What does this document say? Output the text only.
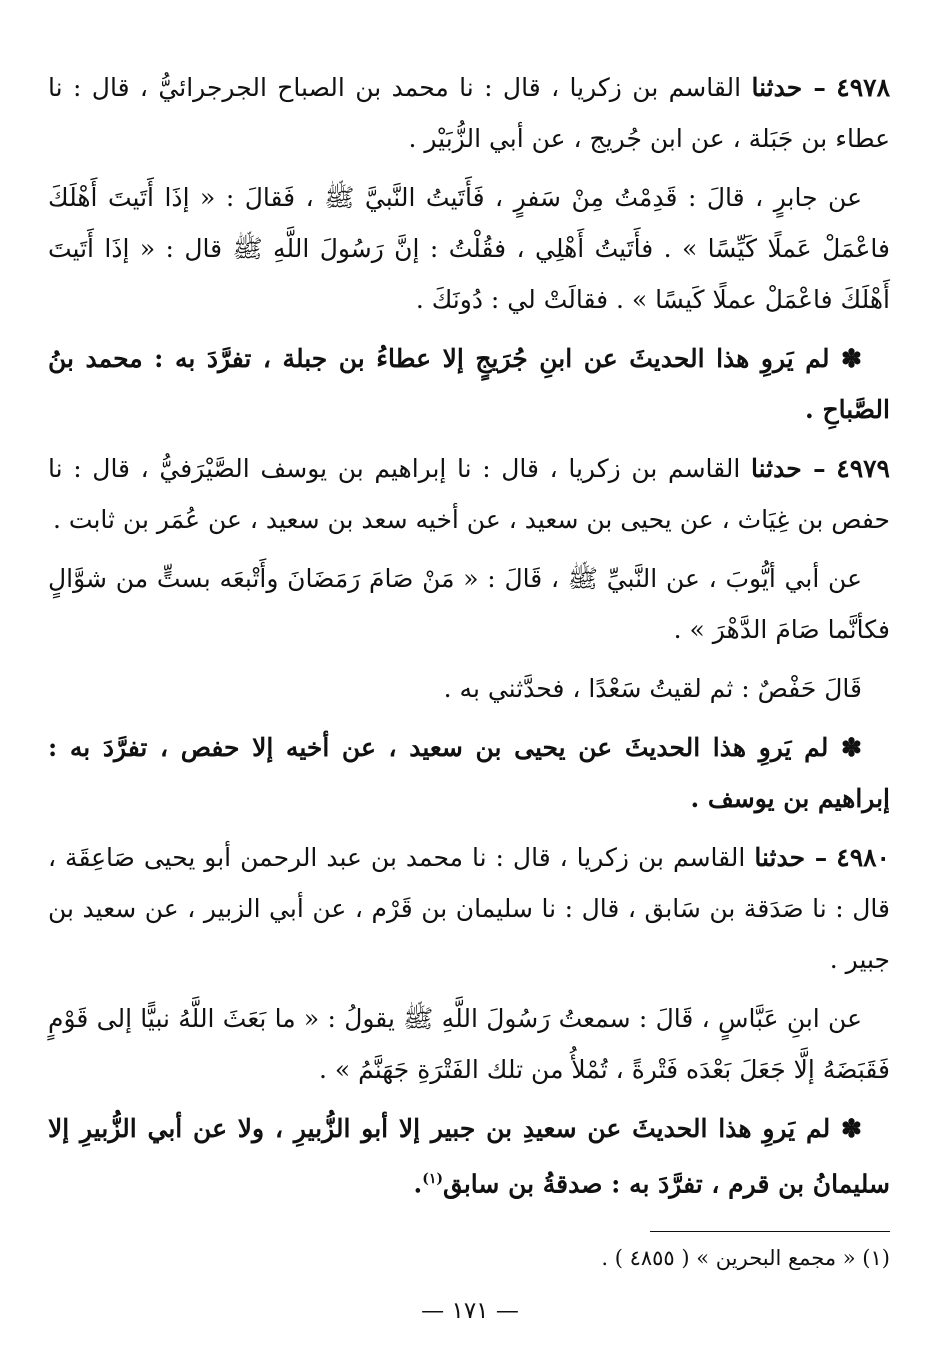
٤٩٧٨ – حدثنا القاسم بن زكريا ، قال : نا محمد بن الصباح الجرجرائيُّ ، قال : نا عطاء بن جَبَلة ، عن ابن جُريج ، عن أبي الزُّبَيْر .

عن جابرٍ ، قالَ : قَدِمْتُ مِنْ سَفرٍ ، فَأَتَيتُ النَّبيَّ ﷺ ، فَقالَ : « إذَا أَتَيتَ أَهْلَكَ فاعْمَلْ عَملًا كَيِّسًا » . فأَتَيتُ أَهْلِي ، فقُلْتُ : إنَّ رَسُولَ اللَّهِ ﷺ قال : « إذَا أَتَيتَ أَهْلَكَ فاعْمَلْ عملًا كَيسًا » . فقالَتْ لي : دُونَكَ .

✽ لم يَروِ هذا الحديثَ عن ابنِ جُرَيجٍ إلا عطاءُ بن جبلة ، تفرَّدَ به : محمد بنُ الصَّباحِ .

٤٩٧٩ – حدثنا القاسم بن زكريا ، قال : نا إبراهيم بن يوسف الصَّيْرَفيُّ ، قال : نا حفص بن غِيَاث ، عن يحيى بن سعيد ، عن أخيه سعد بن سعيد ، عن عُمَر بن ثابت .

عن أبي أيُّوبَ ، عن النَّبيِّ ﷺ ، قَالَ : « مَنْ صَامَ رَمَضَانَ وأَتْبعَه بستٍّ من شوَّالٍ فكأنَّما صَامَ الدَّهْرَ » .

قَالَ حَفْصٌ : ثم لقيتُ سَعْدًا ، فحدَّثني به .

✽ لم يَروِ هذا الحديثَ عن يحيى بن سعيد ، عن أخيه إلا حفص ، تفرَّدَ به : إبراهيم بن يوسف .

٤٩٨٠ – حدثنا القاسم بن زكريا ، قال : نا محمد بن عبد الرحمن أبو يحيى صَاعِقَة ، قال : نا صَدَقة بن سَابق ، قال : نا سليمان بن قَرْم ، عن أبي الزبير ، عن سعيد بن جبير .

عن ابنِ عَبَّاسٍ ، قَالَ : سمعتُ رَسُولَ اللَّهِ ﷺ يقولُ : « ما بَعَثَ اللَّهُ نبيًّا إلى قَوْمٍ فَقَبَضَهُ إلَّا جَعَلَ بَعْدَه فَتْرةً ، تُمْلأُ من تلك الفَتْرَةِ جَهَنَّمُ » .

✽ لم يَروِ هذا الحديثَ عن سعيدِ بن جبير إلا أبو الزُّبيرِ ، ولا عن أبي الزُّبيرِ إلا سليمانُ بن قرم ، تفرَّدَ به : صدقةُ بن سابق$^{(١)}$.

(١) « مجمع البحرين » ( ٤٨٥٥ ) .
— ١٧١ —
